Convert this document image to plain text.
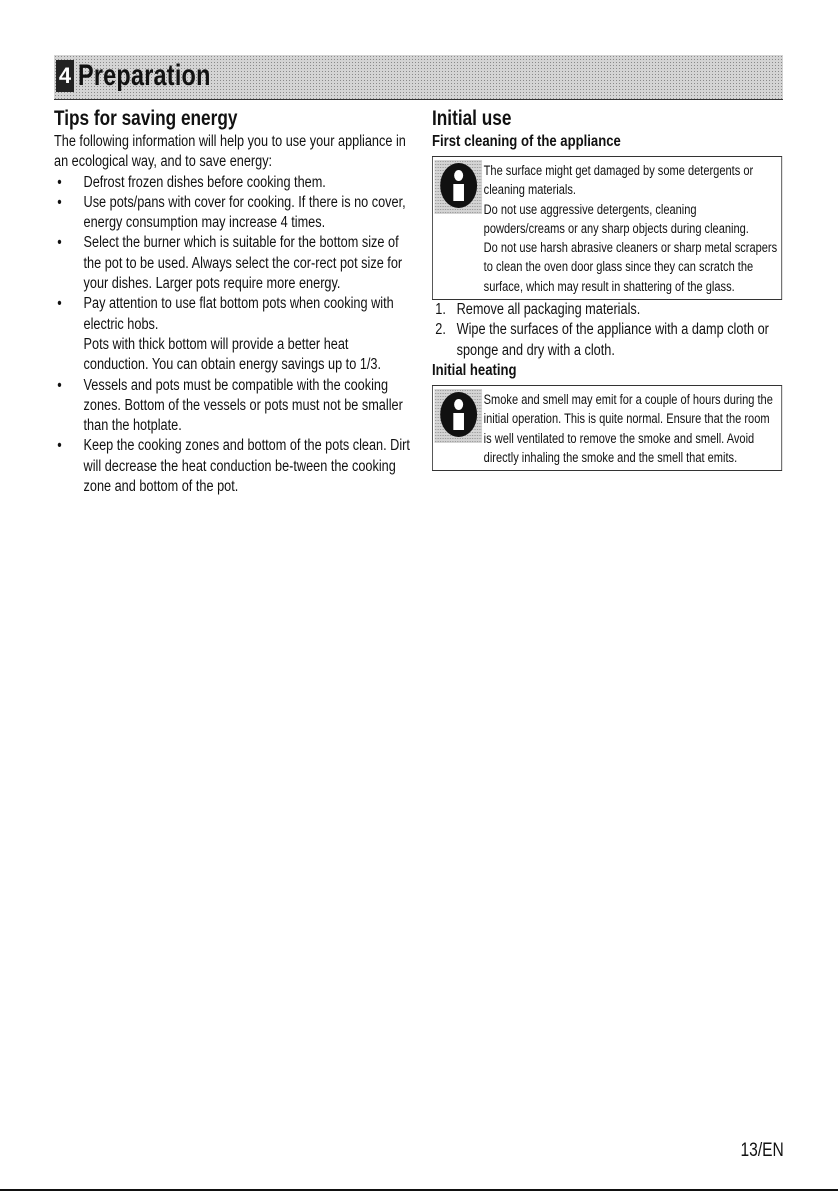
4 Preparation
Tips for saving energy

The following information will help you to use your appliance in an ecological way, and to save energy:

• Defrost frozen dishes before cooking them.
• Use pots/pans with cover for cooking. If there is no cover, energy consumption may increase 4 times.
• Select the burner which is suitable for the bottom size of the pot to be used. Always select the cor-rect pot size for your dishes. Larger pots require more energy.
• Pay attention to use flat bottom pots when cooking with electric hobs.
Pots with thick bottom will provide a better heat conduction. You can obtain energy savings up to 1/3.
• Vessels and pots must be compatible with the cooking zones. Bottom of the vessels or pots must not be smaller than the hotplate.
• Keep the cooking zones and bottom of the pots clean. Dirt will decrease the heat conduction be-tween the cooking zone and bottom of the pot.
Initial use
First cleaning of the appliance
The surface might get damaged by some detergents or cleaning materials.
Do not use aggressive detergents, cleaning powders/creams or any sharp objects during cleaning.
Do not use harsh abrasive cleaners or sharp metal scrapers to clean the oven door glass since they can scratch the surface, which may result in shattering of the glass.
1. Remove all packaging materials.
2. Wipe the surfaces of the appliance with a damp cloth or sponge and dry with a cloth.
Initial heating
Smoke and smell may emit for a couple of hours during the initial operation. This is quite normal. Ensure that the room is well ventilated to remove the smoke and smell. Avoid directly inhaling the smoke and the smell that emits.
13/EN
